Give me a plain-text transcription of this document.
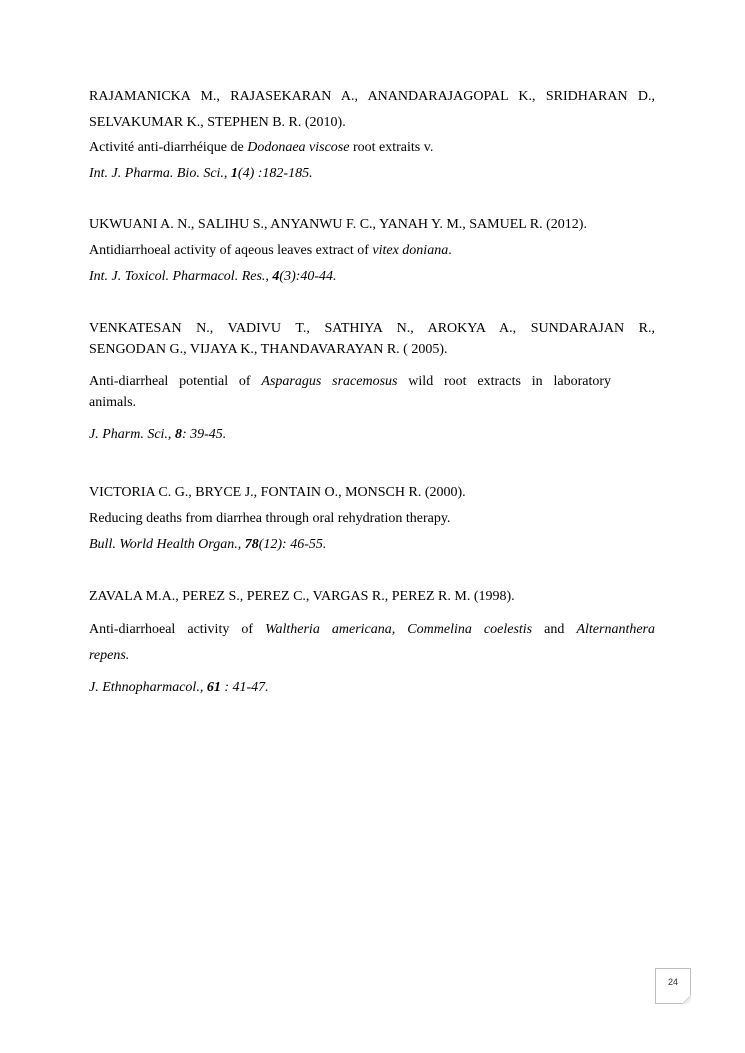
RAJAMANICKA M., RAJASEKARAN A., ANANDARAJAGOPAL K., SRIDHARAN D.,
SELVAKUMAR K., STEPHEN B. R. (2010).
Activité anti-diarrhéique de Dodonaea viscose root extraits v.
Int. J. Pharma. Bio. Sci., 1(4) :182-185.
UKWUANI A. N., SALIHU S., ANYANWU F. C., YANAH Y. M., SAMUEL R. (2012).
Antidiarrhoeal activity of aqeous leaves extract of vitex doniana.
Int. J. Toxicol. Pharmacol. Res., 4(3):40-44.
VENKATESAN N., VADIVU T., SATHIYA N., AROKYA A., SUNDARAJAN R.,
SENGODAN G., VIJAYA K., THANDAVARAYAN R. ( 2005).
Anti-diarrheal potential of Asparagus sracemosus wild root extracts in laboratory
animals.
J. Pharm. Sci., 8: 39-45.
VICTORIA C. G., BRYCE J., FONTAIN O., MONSCH R. (2000).
Reducing deaths from diarrhea through oral rehydration therapy.
Bull. World Health Organ., 78(12): 46-55.
ZAVALA M.A., PEREZ S., PEREZ C., VARGAS R., PEREZ R. M. (1998).
Anti-diarrhoeal activity of Waltheria americana, Commelina coelestis and Alternanthera
repens.
J. Ethnopharmacol., 61 : 41-47.
24
